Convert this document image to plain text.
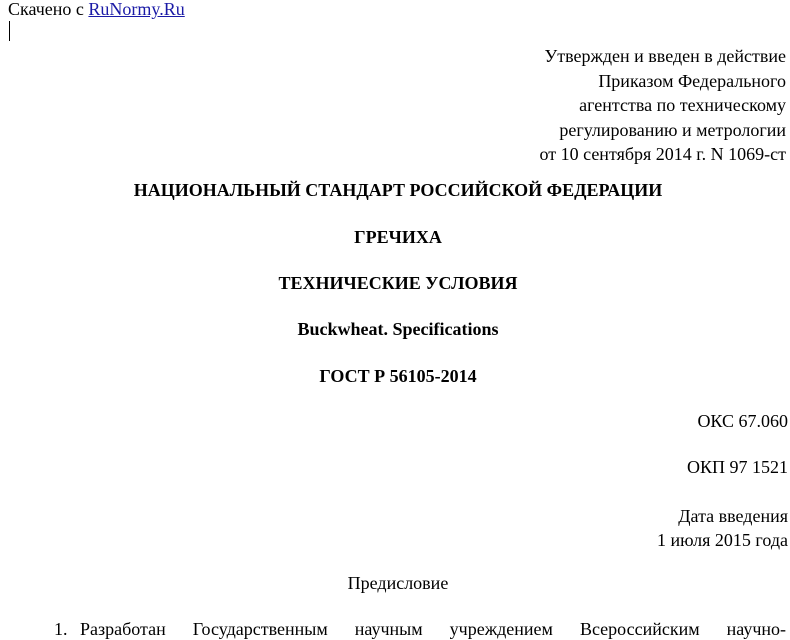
Скачено с RuNormy.Ru
Утвержден и введен в действие
Приказом Федерального
агентства по техническому
регулированию и метрологии
от 10 сентября 2014 г. N 1069-ст
НАЦИОНАЛЬНЫЙ СТАНДАРТ РОССИЙСКОЙ ФЕДЕРАЦИИ
ГРЕЧИХА
ТЕХНИЧЕСКИЕ УСЛОВИЯ
Buckwheat. Specifications
ГОСТ Р 56105-2014
ОКС 67.060
ОКП 97 1521
Дата введения
1 июля 2015 года
Предисловие
1. Разработан Государственным научным учреждением Всероссийским научно-
